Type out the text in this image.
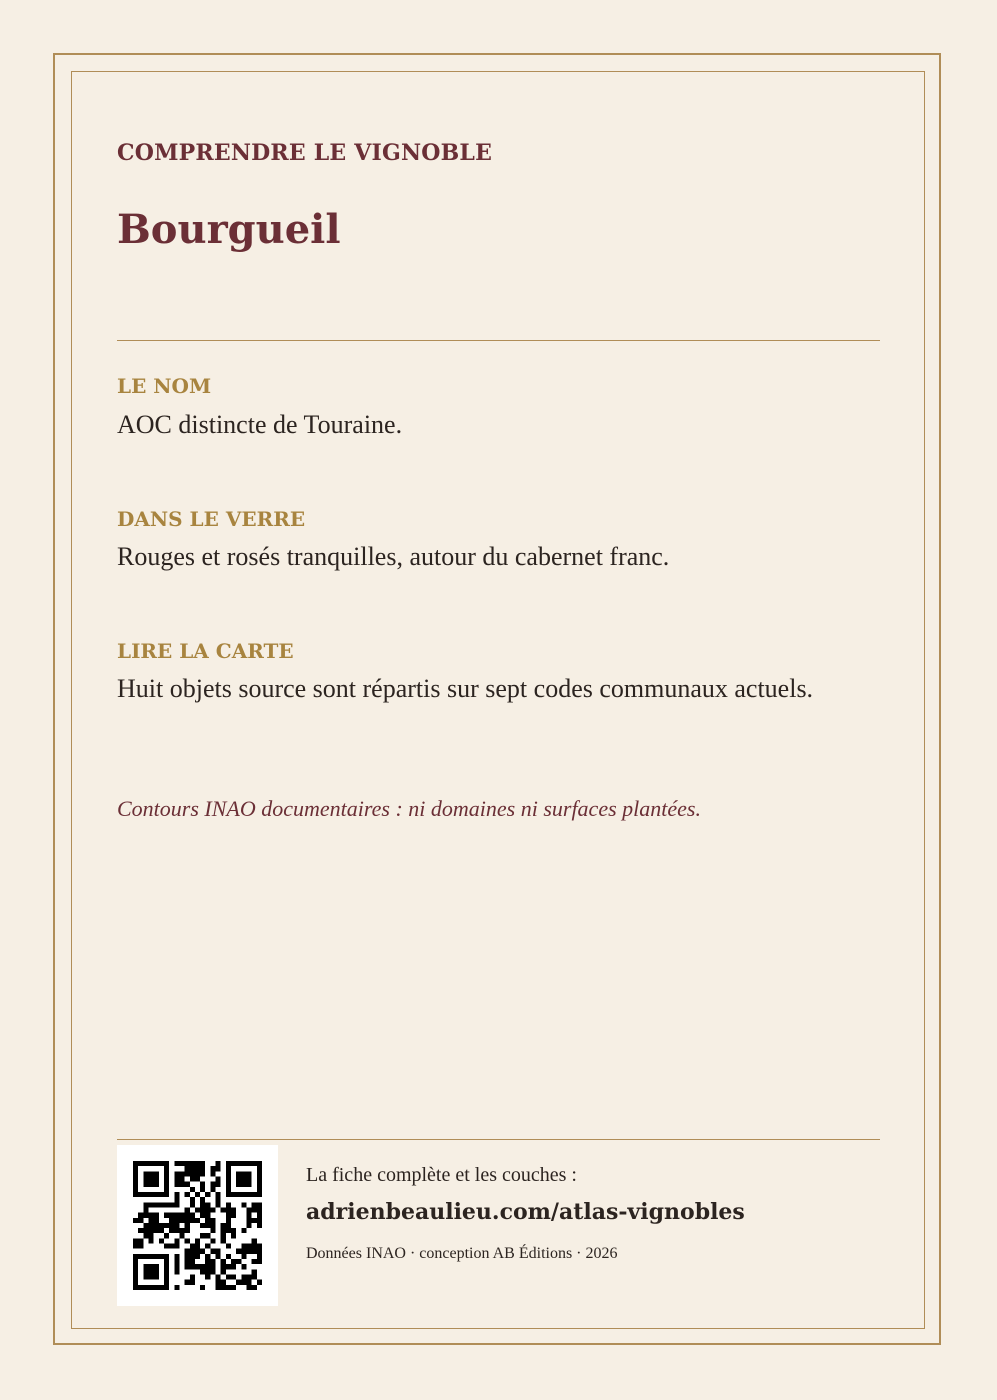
COMPRENDRE LE VIGNOBLE
Bourgueil
LE NOM
AOC distincte de Touraine.
DANS LE VERRE
Rouges et rosés tranquilles, autour du cabernet franc.
LIRE LA CARTE
Huit objets source sont répartis sur sept codes communaux actuels.
Contours INAO documentaires : ni domaines ni surfaces plantées.
La fiche complète et les couches :
adrienbeaulieu.com/atlas-vignobles
Données INAO · conception AB Éditions · 2026
